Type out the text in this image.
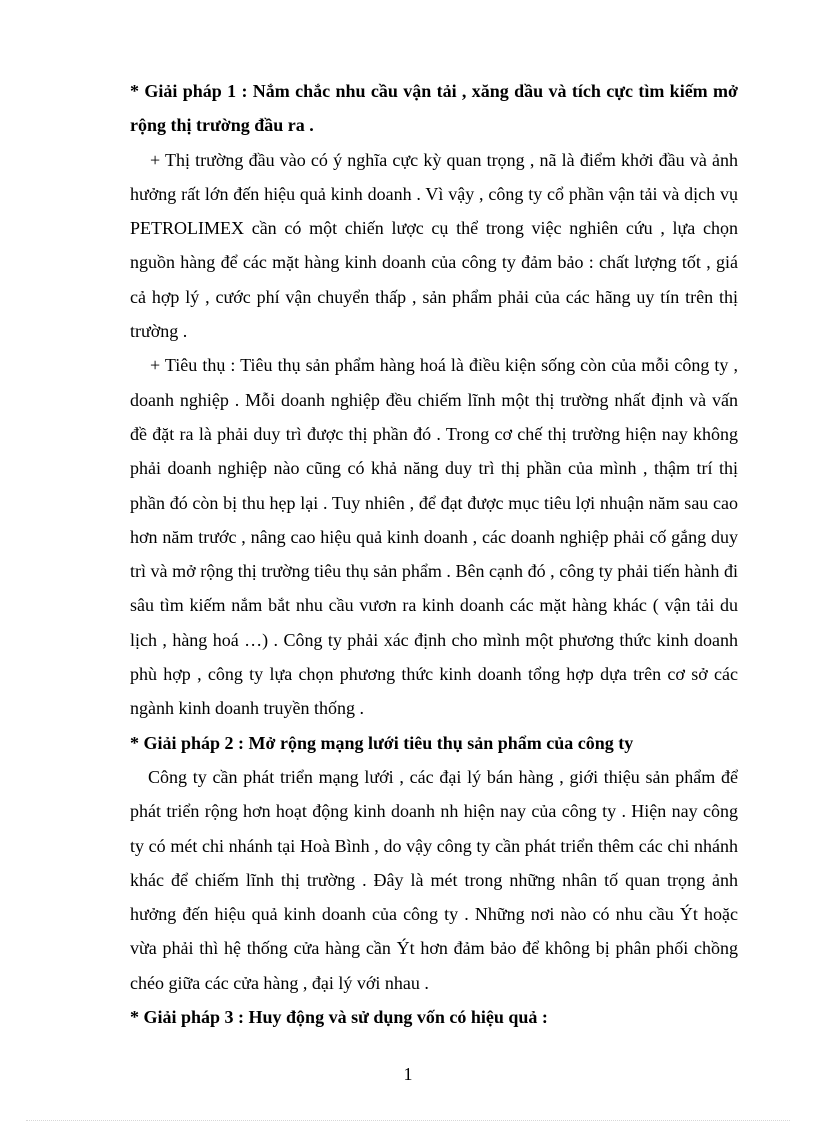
* Giải pháp 1 : Nắm chắc nhu cầu vận tải , xăng dầu và tích cực tìm kiếm mở rộng thị trường đầu ra .

+ Thị trường đầu vào có ý nghĩa cực kỳ quan trọng , nã là điểm khởi đầu và ảnh hưởng rất lớn đến hiệu quả kinh doanh . Vì vậy , công ty cổ phần vận tải và dịch vụ PETROLIMEX cần có một chiến lược cụ thể trong việc nghiên cứu , lựa chọn nguồn hàng để các mặt hàng kinh doanh của công ty đảm bảo : chất lượng tốt , giá cả hợp lý , cước phí vận chuyển thấp , sản phẩm phải của các hãng uy tín trên thị trường .

+ Tiêu thụ : Tiêu thụ sản phẩm hàng hoá là điều kiện sống còn của mỗi công ty , doanh nghiệp . Mỗi doanh nghiệp đều chiếm lĩnh một thị trường nhất định và vấn đề đặt ra là phải duy trì được thị phần đó . Trong cơ chế thị trường hiện nay không phải doanh nghiệp nào cũng có khả năng duy trì thị phần của mình , thậm trí thị phần đó còn bị thu hẹp lại . Tuy nhiên , để đạt được mục tiêu lợi nhuận năm sau cao hơn năm trước , nâng cao hiệu quả kinh doanh , các doanh nghiệp phải cố gắng duy trì và mở rộng thị trường tiêu thụ sản phẩm . Bên cạnh đó , công ty phải tiến hành đi sâu tìm kiếm nắm bắt nhu cầu vươn ra kinh doanh các mặt hàng khác ( vận tải du lịch , hàng hoá …) . Công ty phải xác định cho mình một phương thức kinh doanh phù hợp , công ty lựa chọn phương thức kinh doanh tổng hợp dựa trên cơ sở các ngành kinh doanh truyền thống .

* Giải pháp 2 : Mở rộng mạng lưới tiêu thụ sản phẩm của công ty

Công ty cần phát triển mạng lưới , các đại lý bán hàng , giới thiệu sản phẩm để phát triển rộng hơn hoạt động kinh doanh nh hiện nay của công ty . Hiện nay công ty có mét chi nhánh tại Hoà Bình , do vậy công ty cần phát triển thêm các chi nhánh khác để chiếm lĩnh thị trường . Đây là mét trong những nhân tố quan trọng ảnh hưởng đến hiệu quả kinh doanh của công ty . Những nơi nào có nhu cầu Ýt hoặc vừa phải thì hệ thống cửa hàng cần Ýt hơn đảm bảo để không bị phân phối chồng chéo giữa các cửa hàng , đại lý với nhau .

* Giải pháp 3 : Huy động và sử dụng vốn có hiệu quả :

1
